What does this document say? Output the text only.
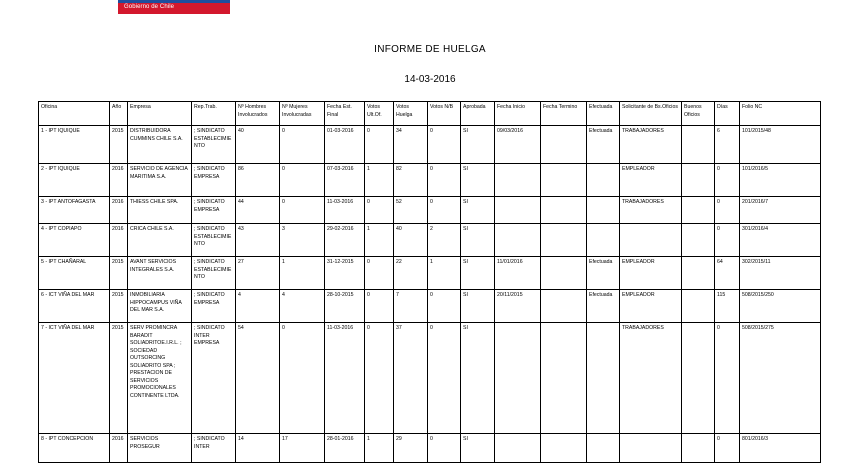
Gobierno de Chile
INFORME DE HUELGA
14-03-2016
Oficina	Año	Empresa	Rep.Trab.	Nº Hombres Involucrados	Nº Mujeres Involucradas	Fecha Est. Final	Votos Ult.Of.	Votos Huelga	Votos N/B	Aprobada	Fecha Inicio	Fecha Termino	Efectuada	Solicitante de Bs.Oficios	Buenos Oficios	Días	Folio NC
1 - IPT IQUIQUE	2015	DISTRIBUIDORA CUMMINS CHILE S.A.	; SINDICATO ESTABLECIMIENTO	40	0	01-03-2016	0	34	0	SI	09/03/2016		Efectuada	TRABAJADORES		6	101/2015/48
2 - IPT IQUIQUE	2016	SERVICIO DE AGENCIA MARITIMA S.A.	; SINDICATO EMPRESA	86	0	07-03-2016	1	82	0	SI				EMPLEADOR		0	101/2016/5
3 - IPT ANTOFAGASTA	2016	THIESS CHILE SPA.	; SINDICATO EMPRESA	44	0	11-03-2016	0	52	0	SI				TRABAJADORES		0	201/2016/7
4 - IPT COPIAPO	2016	CRICA CHILE S.A.	; SINDICATO ESTABLECIMIENTO	43	3	29-02-2016	1	40	2	SI						0	301/2016/4
5 - IPT CHAÑARAL	2015	AVANT SERVICIOS INTEGRALES S.A.	; SINDICATO ESTABLECIMIENTO	27	1	31-12-2015	0	22	1	SI	11/01/2016		Efectuada	EMPLEADOR		64	302/2015/11
6 - ICT VIÑA DEL MAR	2015	INMOBILIARIA HIPPOCAMPUS VIÑA DEL MAR S.A.	; SINDICATO EMPRESA	4	4	28-10-2015	0	7	0	SI	20/11/2015		Efectuada	EMPLEADOR		115	508/2015/250
7 - ICT VIÑA DEL MAR	2015	SERV PROMINCRA BARADIT SOLIADRITOE.I.R.L. ; SOCIEDAD OUTSORCING SOLIADRITO SPA ; PRESTACION DE SERVICIOS PROMOCIONALES CONTINENTE LTDA.	; SINDICATO INTER EMPRESA	54	0	11-03-2016	0	37	0	SI				TRABAJADORES		0	508/2015/275
8 - IPT CONCEPCION	2016	SERVICIOS PROSEGUR	; SINDICATO INTER	14	17	28-01-2016	1	29	0	SI						0	801/2016/3
